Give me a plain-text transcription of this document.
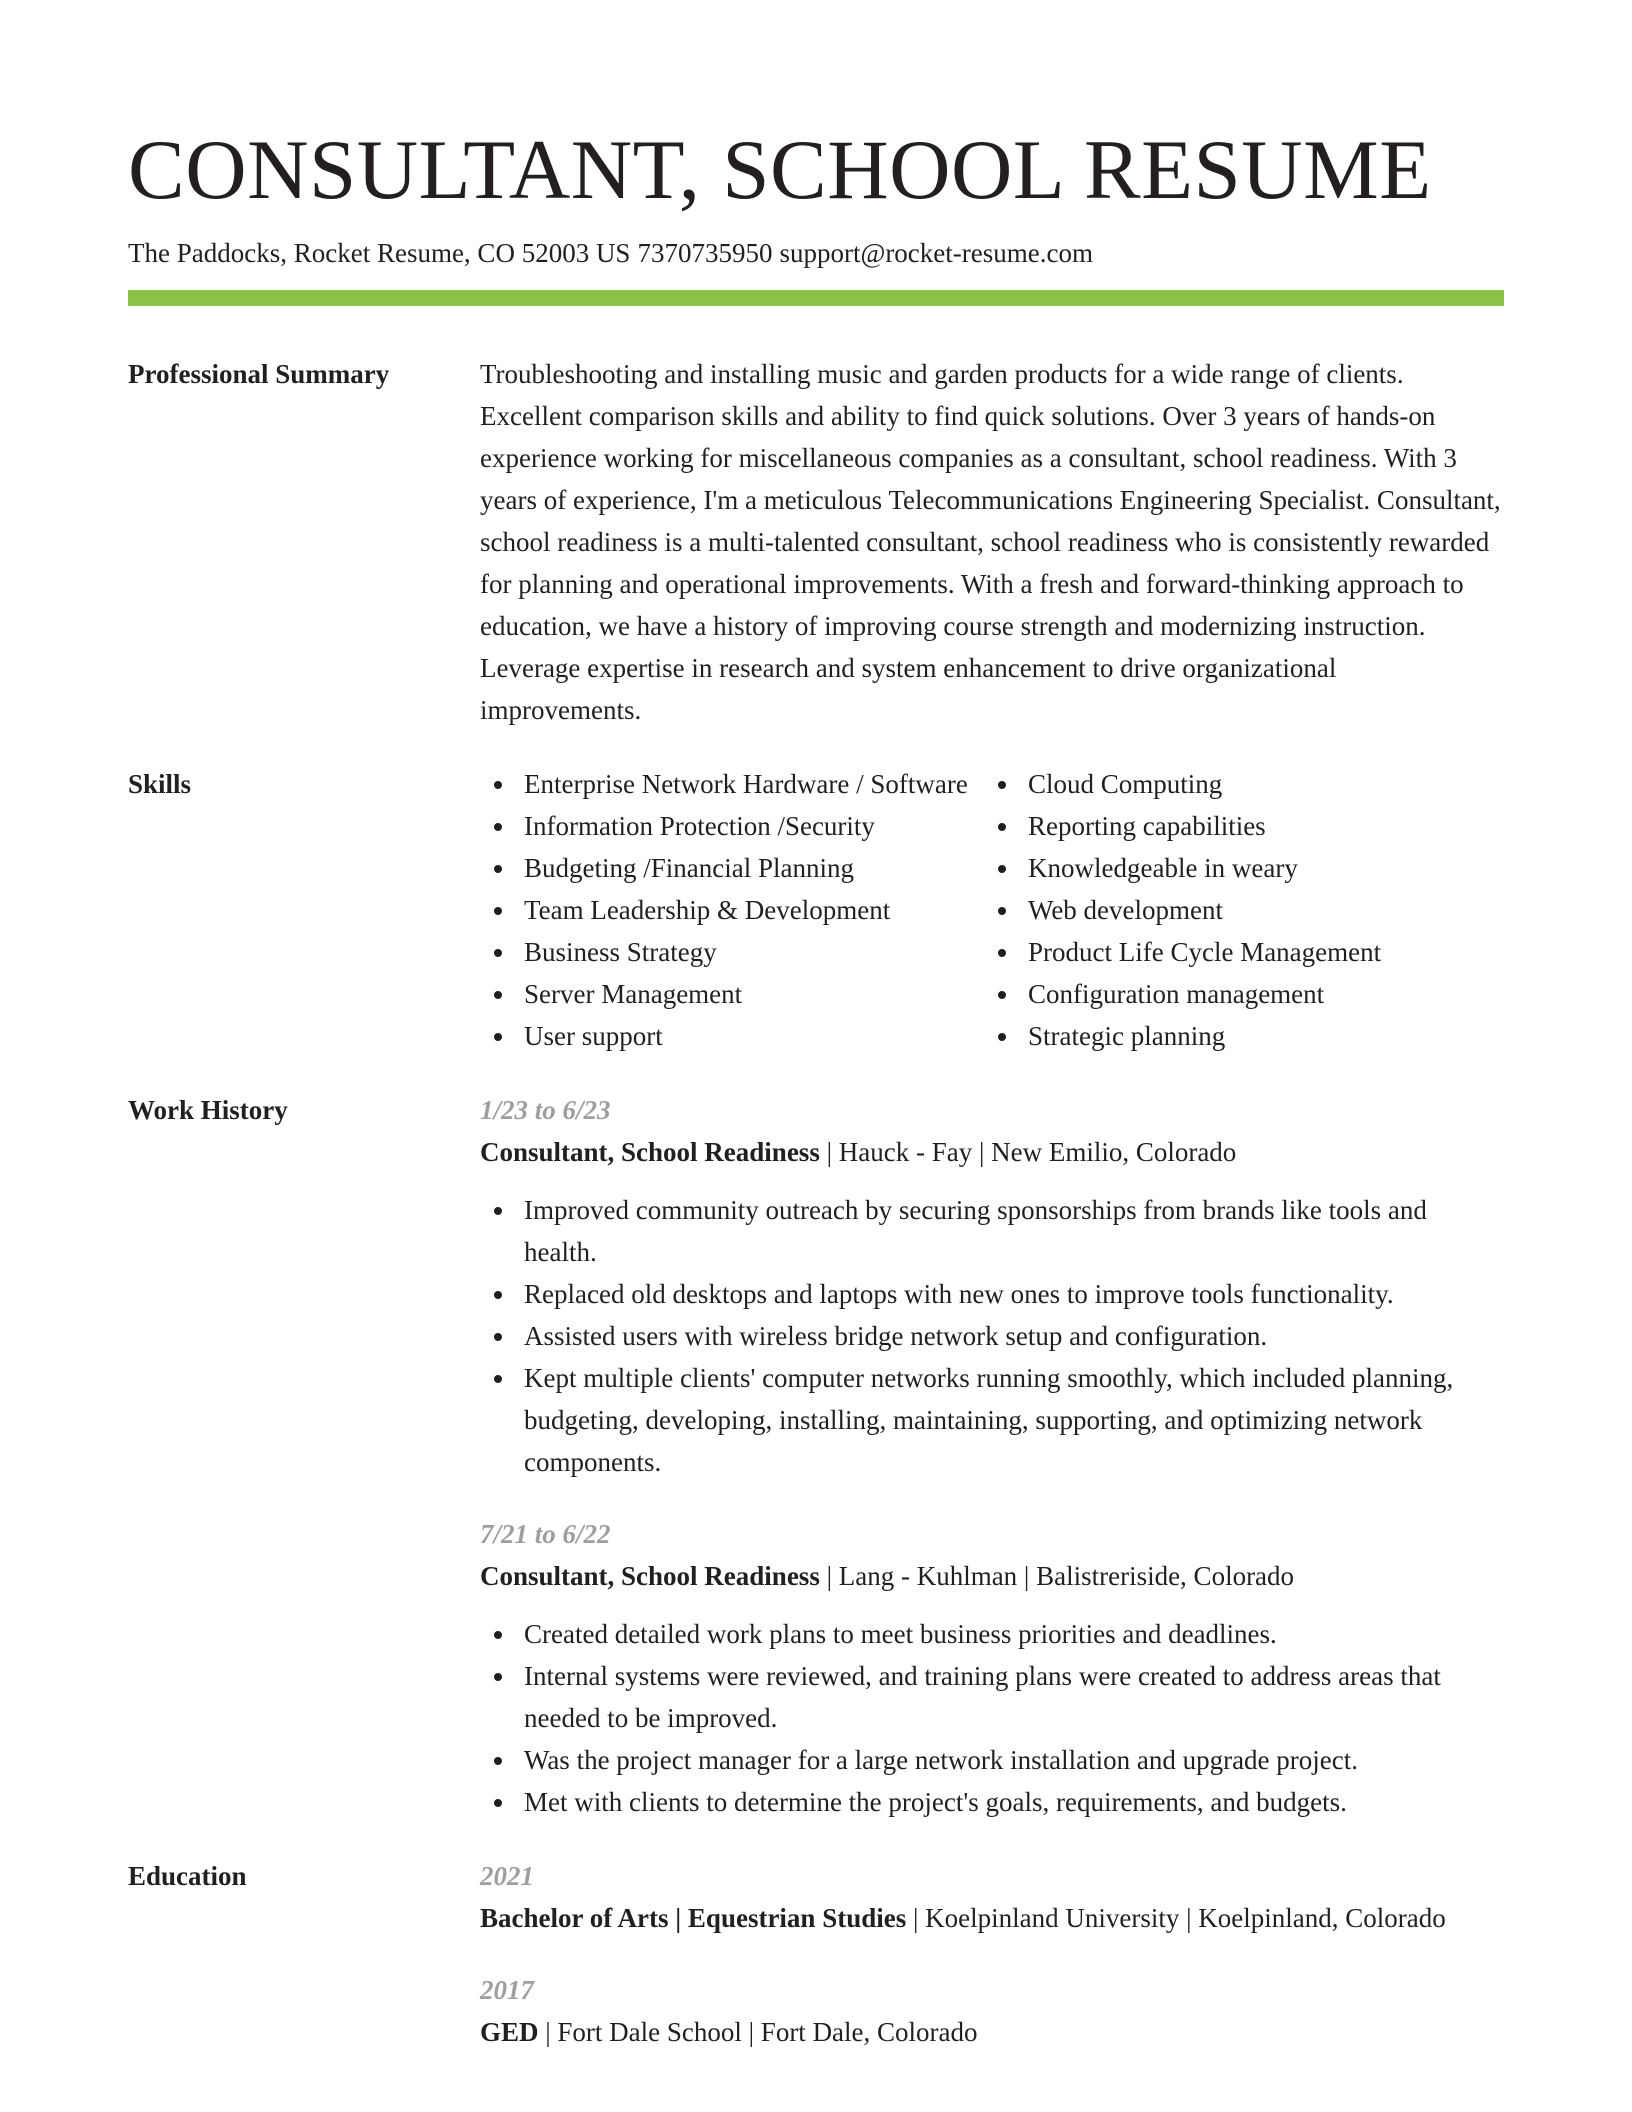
CONSULTANT, SCHOOL RESUME
The Paddocks, Rocket Resume, CO 52003 US 7370735950 support@rocket-resume.com
Professional Summary	Troubleshooting and installing music and garden products for a wide range of clients. Excellent comparison skills and ability to find quick solutions. Over 3 years of hands-on experience working for miscellaneous companies as a consultant, school readiness. With 3 years of experience, I'm a meticulous Telecommunications Engineering Specialist. Consultant, school readiness is a multi-talented consultant, school readiness who is consistently rewarded for planning and operational improvements. With a fresh and forward-thinking approach to education, we have a history of improving course strength and modernizing instruction. Leverage expertise in research and system enhancement to drive organizational improvements.

Skills	Enterprise Network Hardware / Software
Information Protection /Security
Budgeting /Financial Planning
Team Leadership & Development
Business Strategy
Server Management
User support
Cloud Computing
Reporting capabilities
Knowledgeable in weary
Web development
Product Life Cycle Management
Configuration management
Strategic planning
Work History	1/23 to 6/23
Consultant, School Readiness | Hauck - Fay | New Emilio, Colorado
Improved community outreach by securing sponsorships from brands like tools and health.
Replaced old desktops and laptops with new ones to improve tools functionality.
Assisted users with wireless bridge network setup and configuration.
Kept multiple clients' computer networks running smoothly, which included planning, budgeting, developing, installing, maintaining, supporting, and optimizing network components.
7/21 to 6/22
Consultant, School Readiness | Lang - Kuhlman | Balistreriside, Colorado
Created detailed work plans to meet business priorities and deadlines.
Internal systems were reviewed, and training plans were created to address areas that needed to be improved.
Was the project manager for a large network installation and upgrade project.
Met with clients to determine the project's goals, requirements, and budgets.
Education	2021
Bachelor of Arts | Equestrian Studies | Koelpinland University | Koelpinland, Colorado
2017
GED | Fort Dale School | Fort Dale, Colorado
